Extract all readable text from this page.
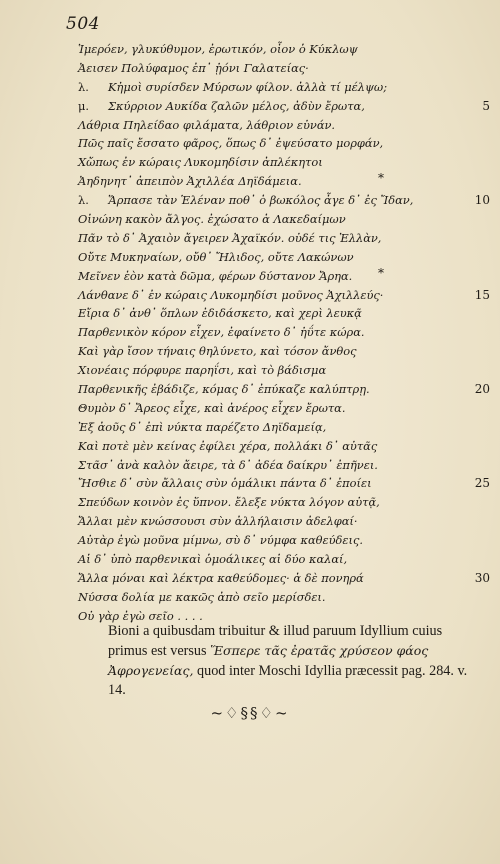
504
Ἱμερόεν, γλυκύθυμον, ἐρωτικόν, οἷον ὁ Κύκλωψ
Ἀεισεν Πολύφαμος ἐπ᾽ ᾐόνι Γαλατείας·
λ. Κἠμοὶ συρίσδεν Μύρσων φίλον. ἀλλὰ τί μέλψω;
μ. Σκύρριον Αυκίδα ζαλῶν μέλος, ἀδὺν ἔρωτα,	5
Λάθρια Πηλείδαο φιλάματα, λάθριον εὐνάν.
Πῶς παῖς ἔσσατο φᾶρος, ὅπως δ᾽ ἐψεύσατο μορφάν,
Χὤπως ἐν κώραις Λυκομηδίσιν ἀπλέκητοι
Ἀηδηνητ᾽ ἀπειπὸν Ἀχιλλέα Δηϊδάμεια.	*
λ. Ἅρπασε τὰν Ἑλέναν ποθ᾽ ὁ βωκόλος ἆγε δ᾽ ἐς Ἴδαν,	10
Οἰνώνη κακὸν ἄλγος. ἐχώσατο ἁ Λακεδαίμων
Πᾶν τὸ δ᾽ Ἀχαιὸν ἄγειρεν Ἀχαϊκόν. οὐδέ τις Ἑλλὰν,
Οὔτε Μυκηναίων, οὔθ᾽ Ἤλιδος, οὔτε Λακώνων
Μεῖνεν ἑὸν κατὰ δῶμα, φέρων δύστανον Ἄρηα. *
Λάνθανε δ᾽ ἐν κώραις Λυκομηδίσι μοῦνος Ἀχιλλεύς·	15
Εἴρια δ᾽ ἀνθ᾽ ὅπλων ἐδιδάσκετο, καὶ χερὶ λευκᾷ
Παρθενικὸν κόρον εἶχεν, ἐφαίνετο δ᾽ ἠΰτε κώρα.
Καὶ γὰρ ἴσον τήναις θηλύνετο, καὶ τόσον ἄνθος
Χιονέαις πόρφυρε παρηΐσι, καὶ τὸ βάδισμα
Παρθενικῆς ἐβάδιζε, κόμας δ᾽ ἐπύκαζε καλύπτρῃ.	20
Θυμὸν δ᾽ Ἄρεος εἶχε, καὶ ἀνέρος εἶχεν ἔρωτα.
Ἐξ ἀοῦς δ᾽ ἐπὶ νύκτα παρέζετο Δηϊδαμείᾳ,
Καὶ ποτὲ μὲν κείνας ἐφίλει χέρα, πολλάκι δ᾽ αὐτᾶς
Στᾶσ᾽ ἀνὰ καλὸν ἄειρε, τὰ δ᾽ ἀδέα δαίκρυ᾽ ἐπῆνει.
Ἤσθιε δ᾽ σὺν ἄλλαις σὺν ὁμάλικι πάντα δ᾽ ἐποίει	25
Σπεύδων κοινὸν ἐς ὕπνον. ἔλεξε νύκτα λόγον αὐτᾷ,
Ἄλλαι μὲν κνώσσουσι σὺν ἀλλήλαισιν ἀδελφαί·
Αὐτὰρ ἐγὼ μοῦνα μίμνω, σὺ δ᾽ νύμφα καθεύδεις.
Αἱ δ᾽ ὑπὸ παρθενικαὶ ὁμοάλικες αἱ δύο καλαί,
Ἄλλα μόναι καὶ λέκτρα καθεύδομες· ἁ δὲ πονηρά	30
Νύσσα δολία με κακῶς ἀπὸ σεῖο μερίσδει.
Οὐ γὰρ ἐγὼ σεῖο . . . .
Bioni a quibusdam tribuitur & illud paruum Idyllium cuius primus est versus Ἕσπερε τᾶς ἐρατᾶς χρύσεον φάος Ἀφρογενείας, quod inter Moschi Idyllia præcessit pag. 284. v. 14.
~♢§§♢~
